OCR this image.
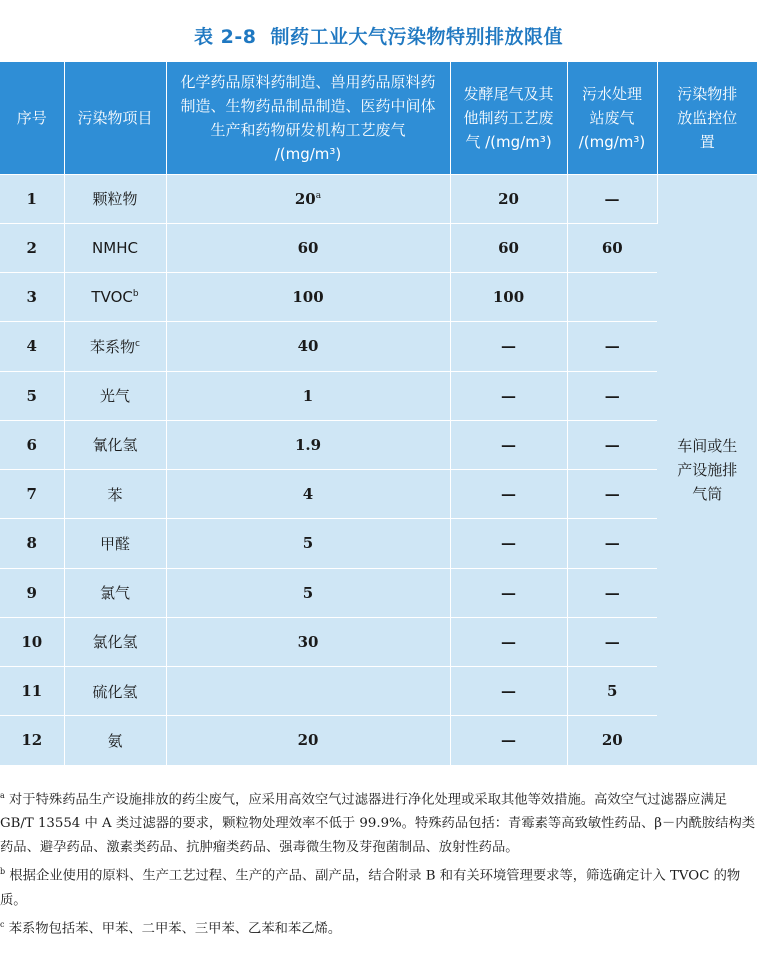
表 2-8 制药工业大气污染物特别排放限值
序号	污染物项目	化学药品原料药制造、兽用药品原料药制造、生物药品制品制造、医药中间体生产和药物研发机构工艺废气 /(mg/m³)	发酵尾气及其他制药工艺废气 /(mg/m³)	污水处理站废气 /(mg/m³)	污染物排放监控位置
1	颗粒物	20$^a$	20	—	车间或生产设施排气筒
2	NMHC	60	60	60	
3	TVOC$^b$	100	100		
4	苯系物$^c$	40	—	—	
5	光气	1	—	—	
6	氰化氢	1.9	—	—	
7	苯	4	—	—	
8	甲醛	5	—	—	
9	氯气	5	—	—	
10	氯化氢	30	—	—	
11	硫化氢		—	5	
12	氨	20	—	20	

$^a$ 对于特殊药品生产设施排放的药尘废气，应采用高效空气过滤器进行净化处理或采取其他等效措施。高效空气过滤器应满足 GB/T 13554 中 A 类过滤器的要求，颗粒物处理效率不低于 99.9%。特殊药品包括：青霉素等高致敏性药品、β－内酰胺结构类药品、避孕药品、激素类药品、抗肿瘤类药品、强毒微生物及芽孢菌制品、放射性药品。

$^b$ 根据企业使用的原料、生产工艺过程、生产的产品、副产品，结合附录 B 和有关环境管理要求等，筛选确定计入 TVOC 的物质。

$^c$ 苯系物包括苯、甲苯、二甲苯、三甲苯、乙苯和苯乙烯。
